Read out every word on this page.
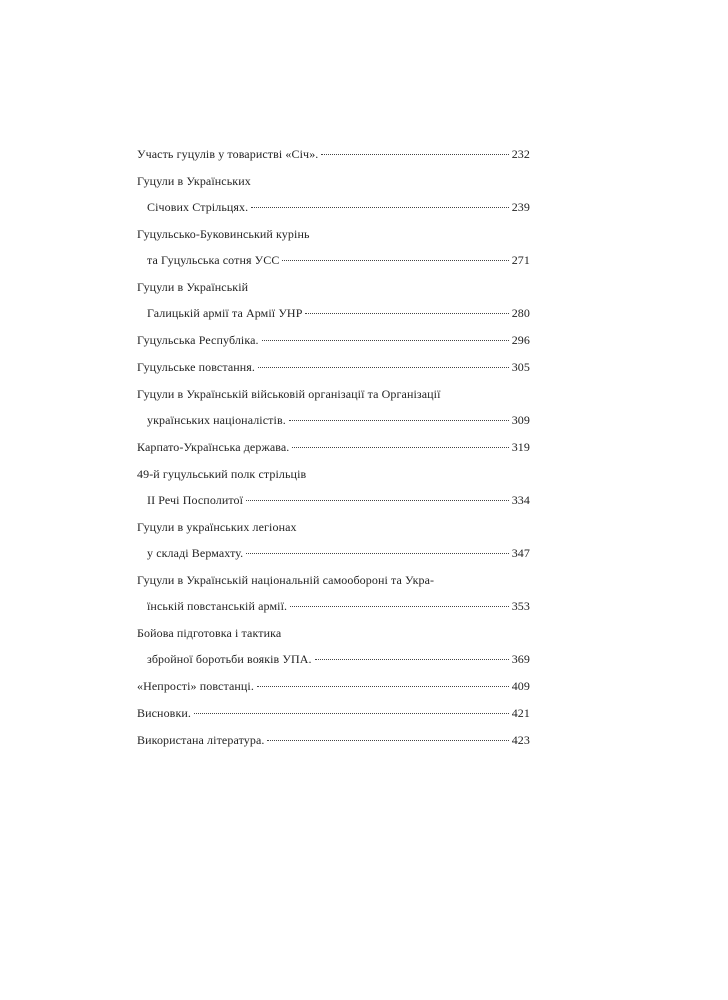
Участь гуцулів у товаристві «Січ».	232
Гуцули в Українських
Січових Стрільцях.	239
Гуцульсько-Буковинський курінь
та Гуцульська сотня УСС	271
Гуцули в Українській
Галицькій армії та Армії УНР	280
Гуцульська Республіка.	296
Гуцульське повстання.	305
Гуцули в Українській військовій організації та Організації
українських націоналістів.	309
Карпато-Українська держава.	319
49-й гуцульський полк стрільців
ІІ Речі Посполитої	334
Гуцули в українських легіонах
у складі Вермахту.	347
Гуцули в Українській національній самообороні та Укра-
їнській повстанській армії.	353
Бойова підготовка і тактика
збройної боротьби вояків УПА.	369
«Непрості» повстанці.	409
Висновки.	421
Використана література.	423
